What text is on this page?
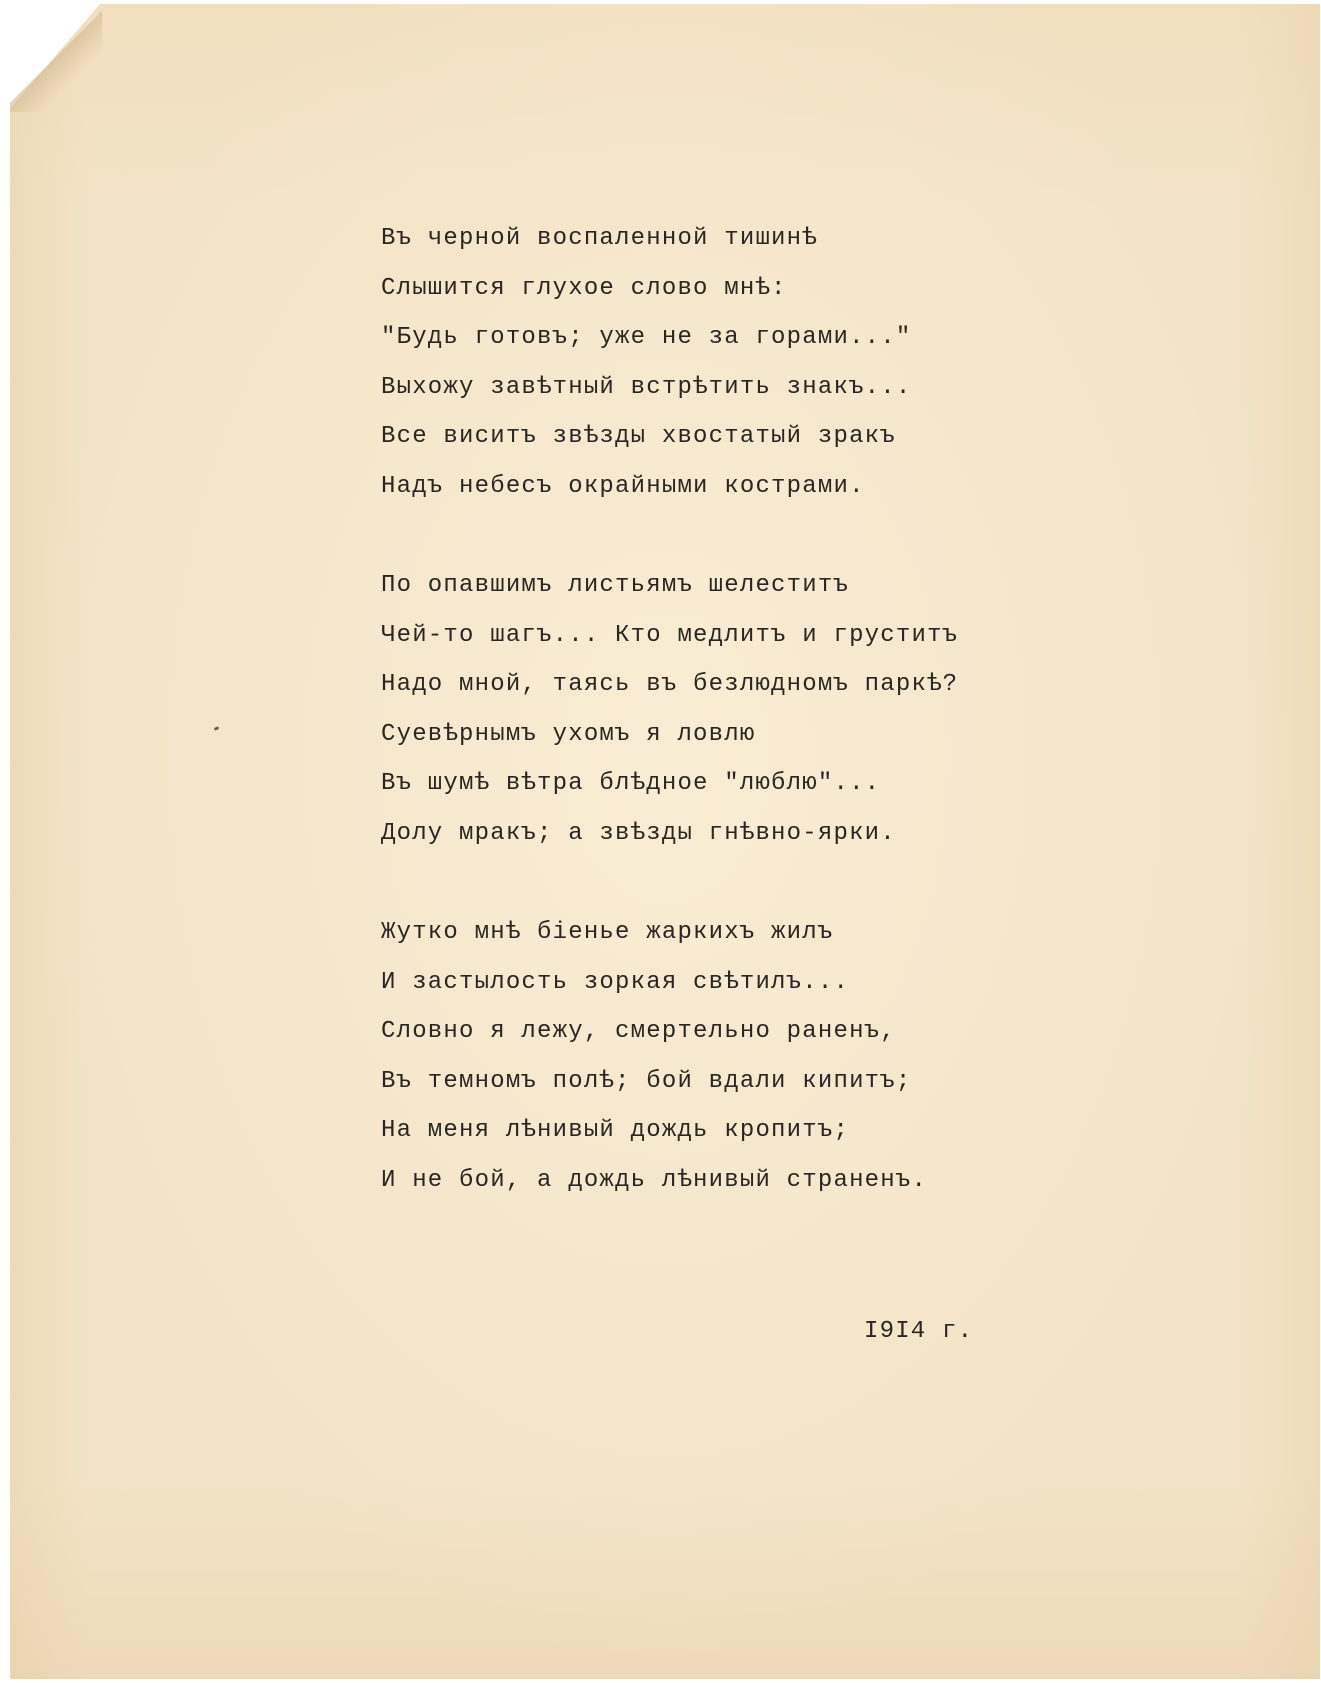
Въ черной воспаленной тишинѣ
Слышится глухое слово мнѣ:
"Будь готовъ; уже не за горами..."
Выхожу завѣтный встрѣтить знакъ...
Все виситъ звѣзды хвостатый зракъ
Надъ небесъ окрайными кострами.
По опавшимъ листьямъ шелеститъ
Чей-то шагъ... Кто медлитъ и груститъ
Надо мной, таясь въ безлюдномъ паркѣ?
Суевѣрнымъ ухомъ я ловлю
Въ шумѣ вѣтра блѣдное "люблю"...
Долу мракъ; а звѣзды гнѣвно-ярки.
Жутко мнѣ біенье жаркихъ жилъ
И застылость зоркая свѣтилъ...
Словно я лежу, смертельно раненъ,
Въ темномъ полѣ; бой вдали кипитъ;
На меня лѣнивый дождь кропитъ;
И не бой, а дождь лѣнивый страненъ.
I9I4 г.
